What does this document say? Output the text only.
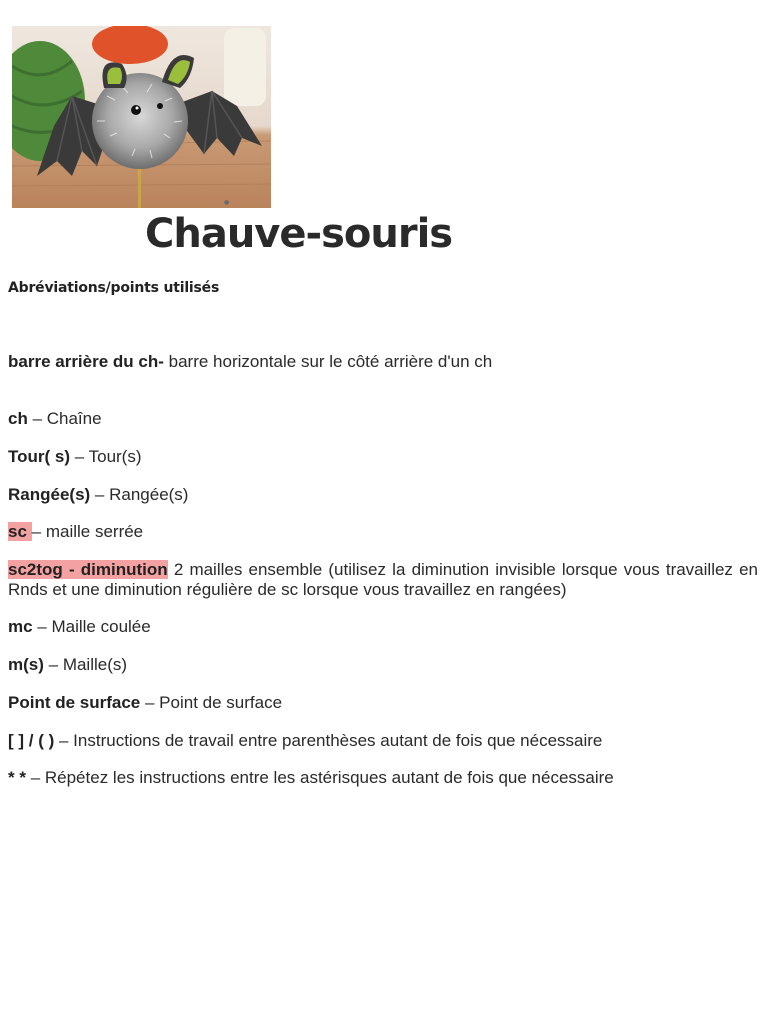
●
Chauve-souris
Abréviations/points utilisés

barre arrière du ch- barre horizontale sur le côté arrière d'un ch

ch – Chaîne

Tour( s) – Tour(s)

Rangée(s) – Rangée(s)

sc – maille serrée

sc2tog - diminution 2 mailles ensemble (utilisez la diminution invisible lorsque vous travaillez en Rnds et une diminution régulière de sc lorsque vous travaillez en rangées)

mc – Maille coulée

m(s) – Maille(s)

Point de surface – Point de surface

[ ] / ( ) – Instructions de travail entre parenthèses autant de fois que nécessaire

* * – Répétez les instructions entre les astérisques autant de fois que nécessaire
